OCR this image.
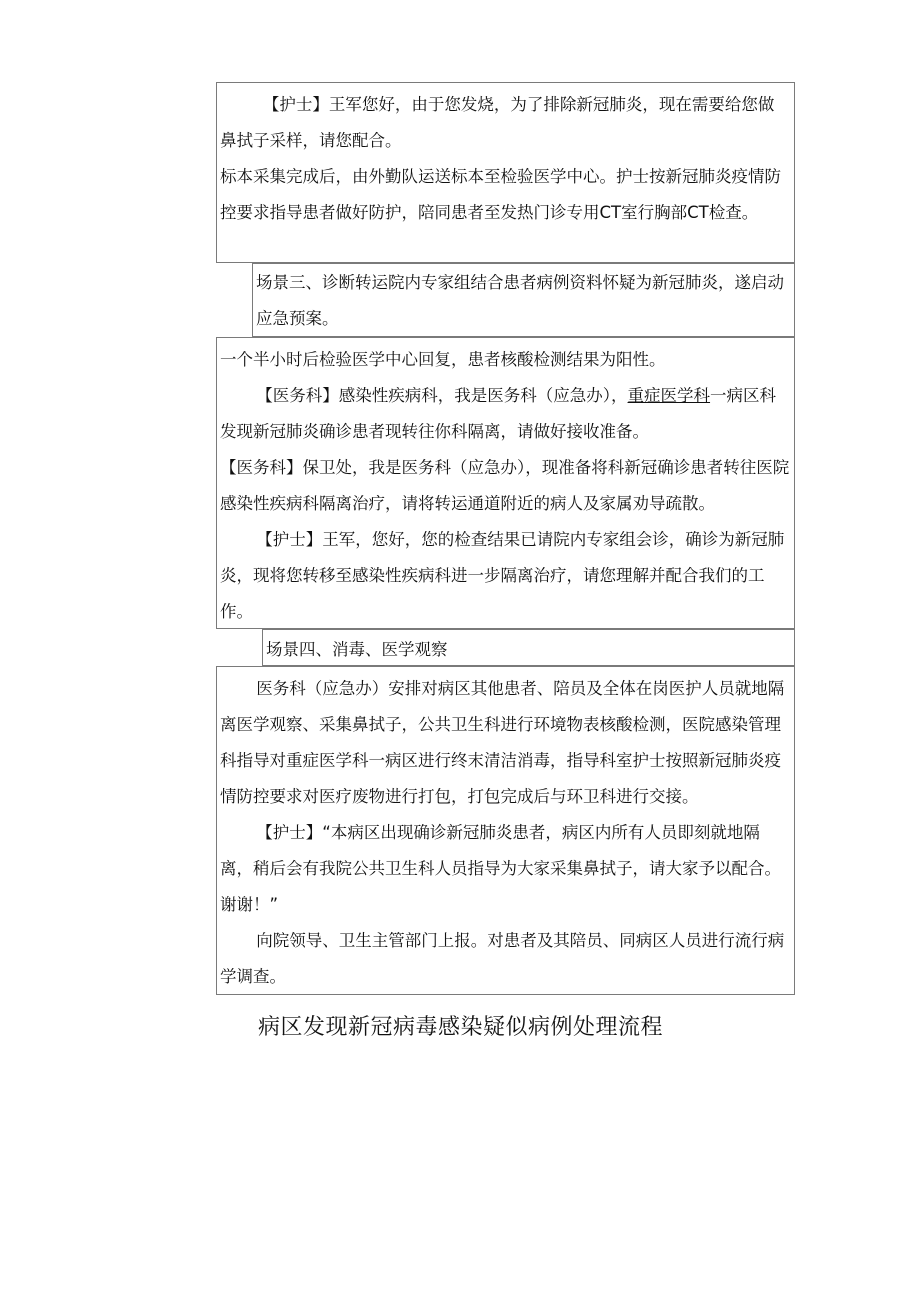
【护士】王军您好，由于您发烧，为了排除新冠肺炎，现在需要给您做鼻拭子采样，请您配合。

标本采集完成后，由外勤队运送标本至检验医学中心。护士按新冠肺炎疫情防控要求指导患者做好防护，陪同患者至发热门诊专用CT室行胸部CT检查。

场景三、诊断转运院内专家组结合患者病例资料怀疑为新冠肺炎，遂启动应急预案。

一个半小时后检验医学中心回复，患者核酸检测结果为阳性。

【医务科】感染性疾病科，我是医务科（应急办），重症医学科一病区科发现新冠肺炎确诊患者现转往你科隔离，请做好接收准备。

【医务科】保卫处，我是医务科（应急办），现准备将科新冠确诊患者转往医院感染性疾病科隔离治疗，请将转运通道附近的病人及家属劝导疏散。

【护士】王军，您好，您的检查结果已请院内专家组会诊，确诊为新冠肺炎，现将您转移至感染性疾病科进一步隔离治疗，请您理解并配合我们的工作。

场景四、消毒、医学观察

医务科（应急办）安排对病区其他患者、陪员及全体在岗医护人员就地隔离医学观察、采集鼻拭子，公共卫生科进行环境物表核酸检测，医院感染管理科指导对重症医学科一病区进行终末清洁消毒，指导科室护士按照新冠肺炎疫情防控要求对医疗废物进行打包，打包完成后与环卫科进行交接。

【护士】“本病区出现确诊新冠肺炎患者，病区内所有人员即刻就地隔离，稍后会有我院公共卫生科人员指导为大家采集鼻拭子，请大家予以配合。谢谢！”

向院领导、卫生主管部门上报。对患者及其陪员、同病区人员进行流行病学调查。

病区发现新冠病毒感染疑似病例处理流程
